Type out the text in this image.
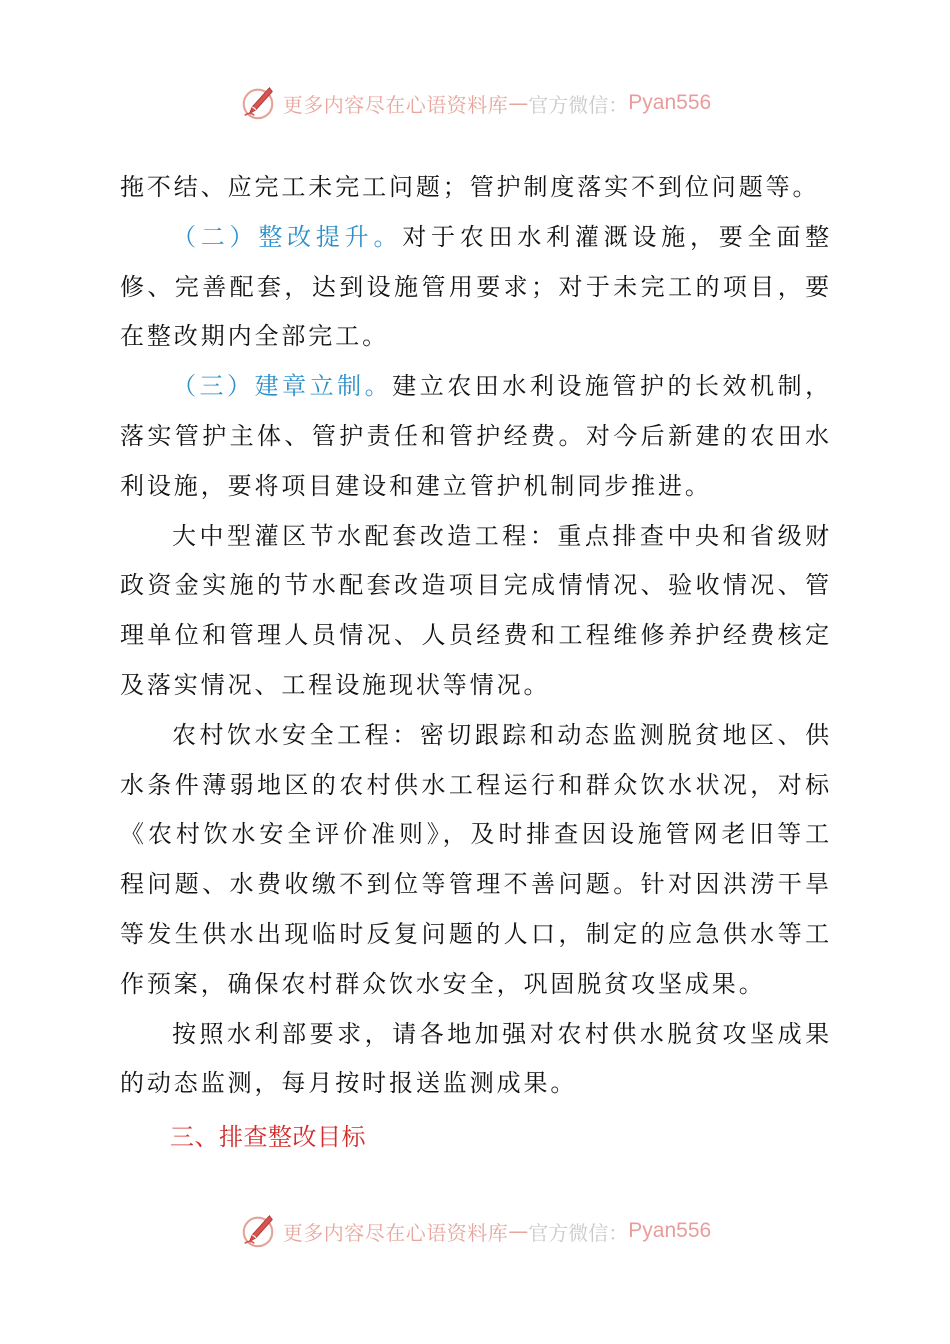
更多内容尽在心语资料库 — 官方微信： Pyan556

拖不结、应完工未完工问题；管护制度落实不到位问题等。

（二）整改提升。对于农田水利灌溉设施，要全面整修、完善配套，达到设施管用要求；对于未完工的项目，要在整改期内全部完工。

（三）建章立制。建立农田水利设施管护的长效机制，落实管护主体、管护责任和管护经费。对今后新建的农田水利设施，要将项目建设和建立管护机制同步推进。

大中型灌区节水配套改造工程：重点排查中央和省级财政资金实施的节水配套改造项目完成情情况、验收情况、管理单位和管理人员情况、人员经费和工程维修养护经费核定及落实情况、工程设施现状等情况。

农村饮水安全工程：密切跟踪和动态监测脱贫地区、供水条件薄弱地区的农村供水工程运行和群众饮水状况，对标《农村饮水安全评价准则》，及时排查因设施管网老旧等工程问题、水费收缴不到位等管理不善问题。针对因洪涝干旱等发生供水出现临时反复问题的人口，制定的应急供水等工作预案，确保农村群众饮水安全，巩固脱贫攻坚成果。

按照水利部要求，请各地加强对农村供水脱贫攻坚成果的动态监测，每月按时报送监测成果。

三、排查整改目标

更多内容尽在心语资料库 — 官方微信： Pyan556
